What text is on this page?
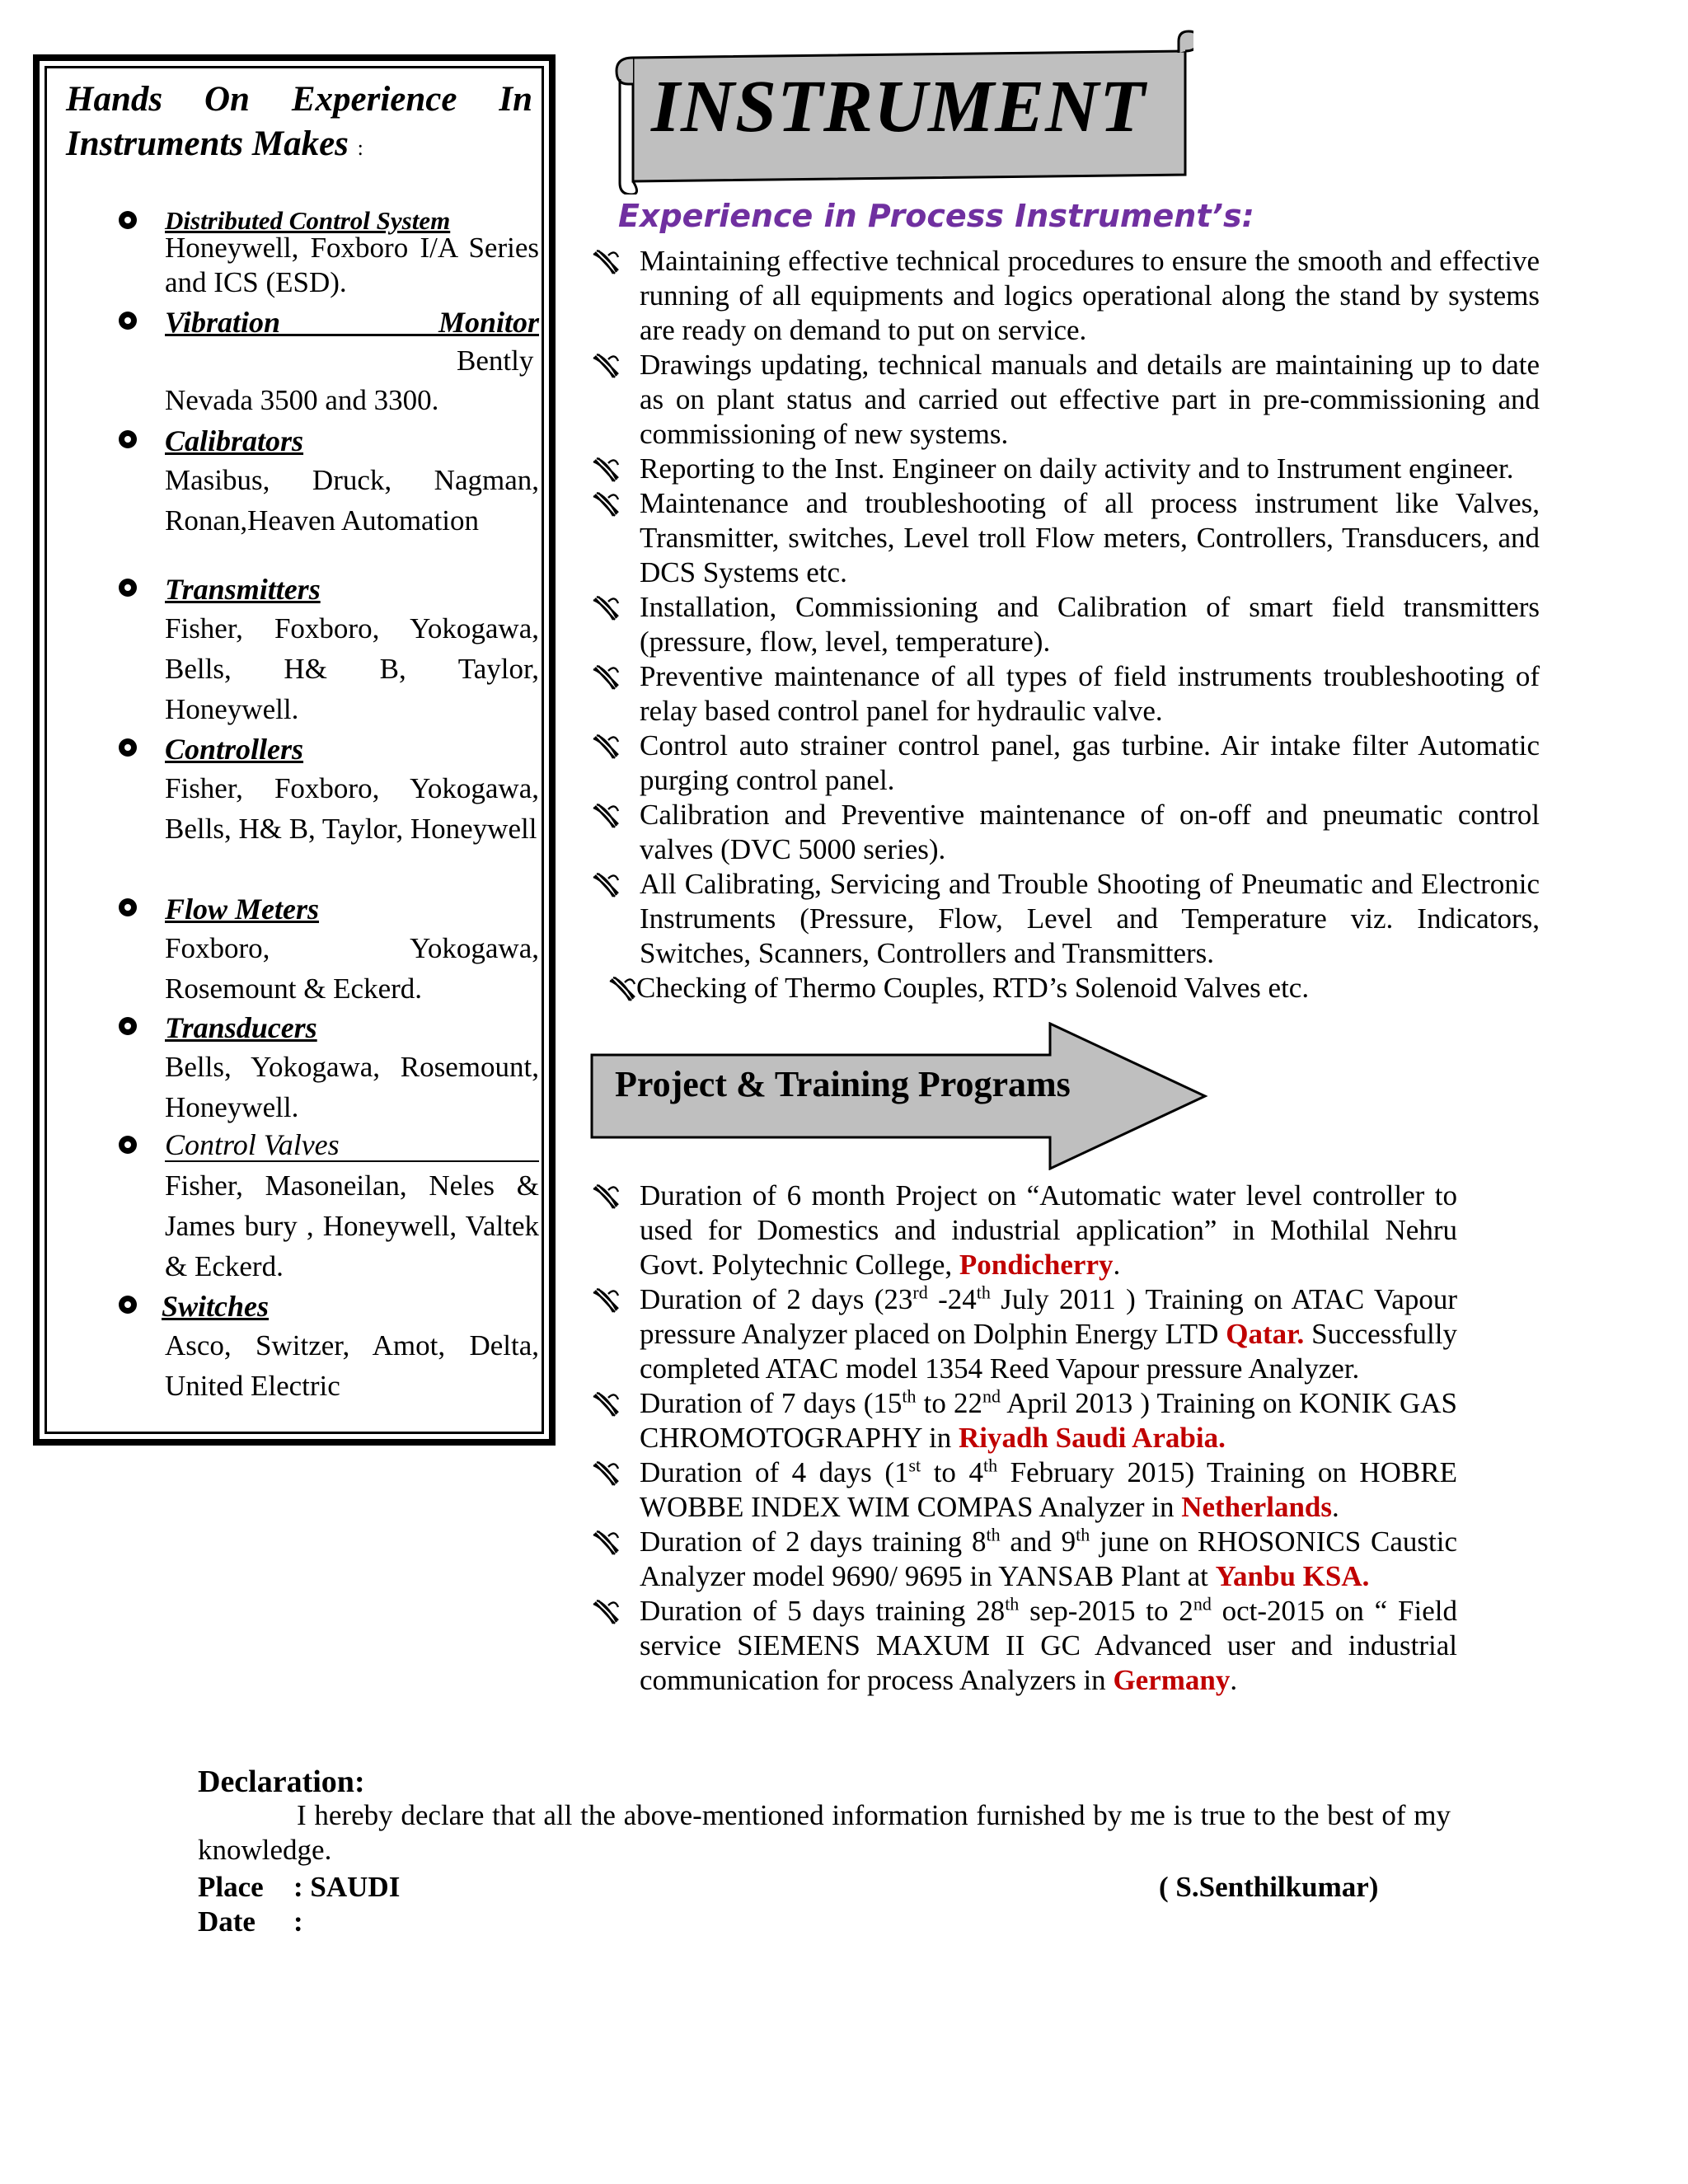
Hands On Experience In
Instruments Makes :
Distributed Control System
Honeywell, Foxboro I/A Series and ICS (ESD).
Vibration Monitor
Bently Nevada 3500 and 3300.
Calibrators
Masibus, Druck, Nagman, Ronan,Heaven Automation
Transmitters
Fisher, Foxboro, Yokogawa, Bells, H& B, Taylor, Honeywell.
Controllers
Fisher, Foxboro, Yokogawa, Bells, H& B, Taylor, Honeywell
Flow Meters
Foxboro, Yokogawa, Rosemount & Eckerd.
Transducers
Bells, Yokogawa, Rosemount, Honeywell.
Control Valves
Fisher, Masoneilan, Neles & James bury , Honeywell, Valtek & Eckerd.
Switches
Asco, Switzer, Amot, Delta, United Electric
INSTRUMENT
Experience in Process Instrument’s:
Maintaining effective technical procedures to ensure the smooth and effective running of all equipments and logics operational along the stand by systems are ready on demand to put on service.
Drawings updating, technical manuals and details are maintaining up to date as on plant status and carried out effective part in pre-commissioning and commissioning of new systems.
Reporting to the Inst. Engineer on daily activity and to Instrument engineer.
Maintenance and troubleshooting of all process instrument like Valves, Transmitter, switches, Level troll Flow meters, Controllers, Transducers, and DCS Systems etc.
Installation, Commissioning and Calibration of smart field transmitters (pressure, flow, level, temperature).
Preventive maintenance of all types of field instruments troubleshooting of relay based control panel for hydraulic valve.
Control auto strainer control panel, gas turbine. Air intake filter Automatic purging control panel.
Calibration and Preventive maintenance of on-off and pneumatic control valves (DVC 5000 series).
All Calibrating, Servicing and Trouble Shooting of Pneumatic and Electronic Instruments (Pressure, Flow, Level and Temperature viz. Indicators, Switches, Scanners, Controllers and Transmitters.
Checking of Thermo Couples, RTD’s Solenoid Valves etc.
Project & Training Programs
Duration of 6 month Project on “Automatic water level controller to used for Domestics and industrial application” in Mothilal Nehru Govt. Polytechnic College, Pondicherry.
Duration of 2 days (23rd -24th July 2011 ) Training on ATAC Vapour pressure Analyzer placed on Dolphin Energy LTD Qatar. Successfully completed ATAC model 1354 Reed Vapour pressure Analyzer.
Duration of 7 days (15th to 22nd April 2013 ) Training on KONIK GAS CHROMOTOGRAPHY in Riyadh Saudi Arabia.
Duration of 4 days (1st to 4th February 2015) Training on HOBRE WOBBE INDEX WIM COMPAS Analyzer in Netherlands.
Duration of 2 days training 8th and 9th june on RHOSONICS Caustic Analyzer model 9690/ 9695 in YANSAB Plant at Yanbu KSA.
Duration of 5 days training 28th sep-2015 to 2nd oct-2015 on “ Field service SIEMENS MAXUM II GC Advanced user and industrial communication for process Analyzers in Germany.
Declaration:
I hereby declare that all the above-mentioned information furnished by me is true to the best of my knowledge.
Place : SAUDI
Date :
( S.Senthilkumar)
